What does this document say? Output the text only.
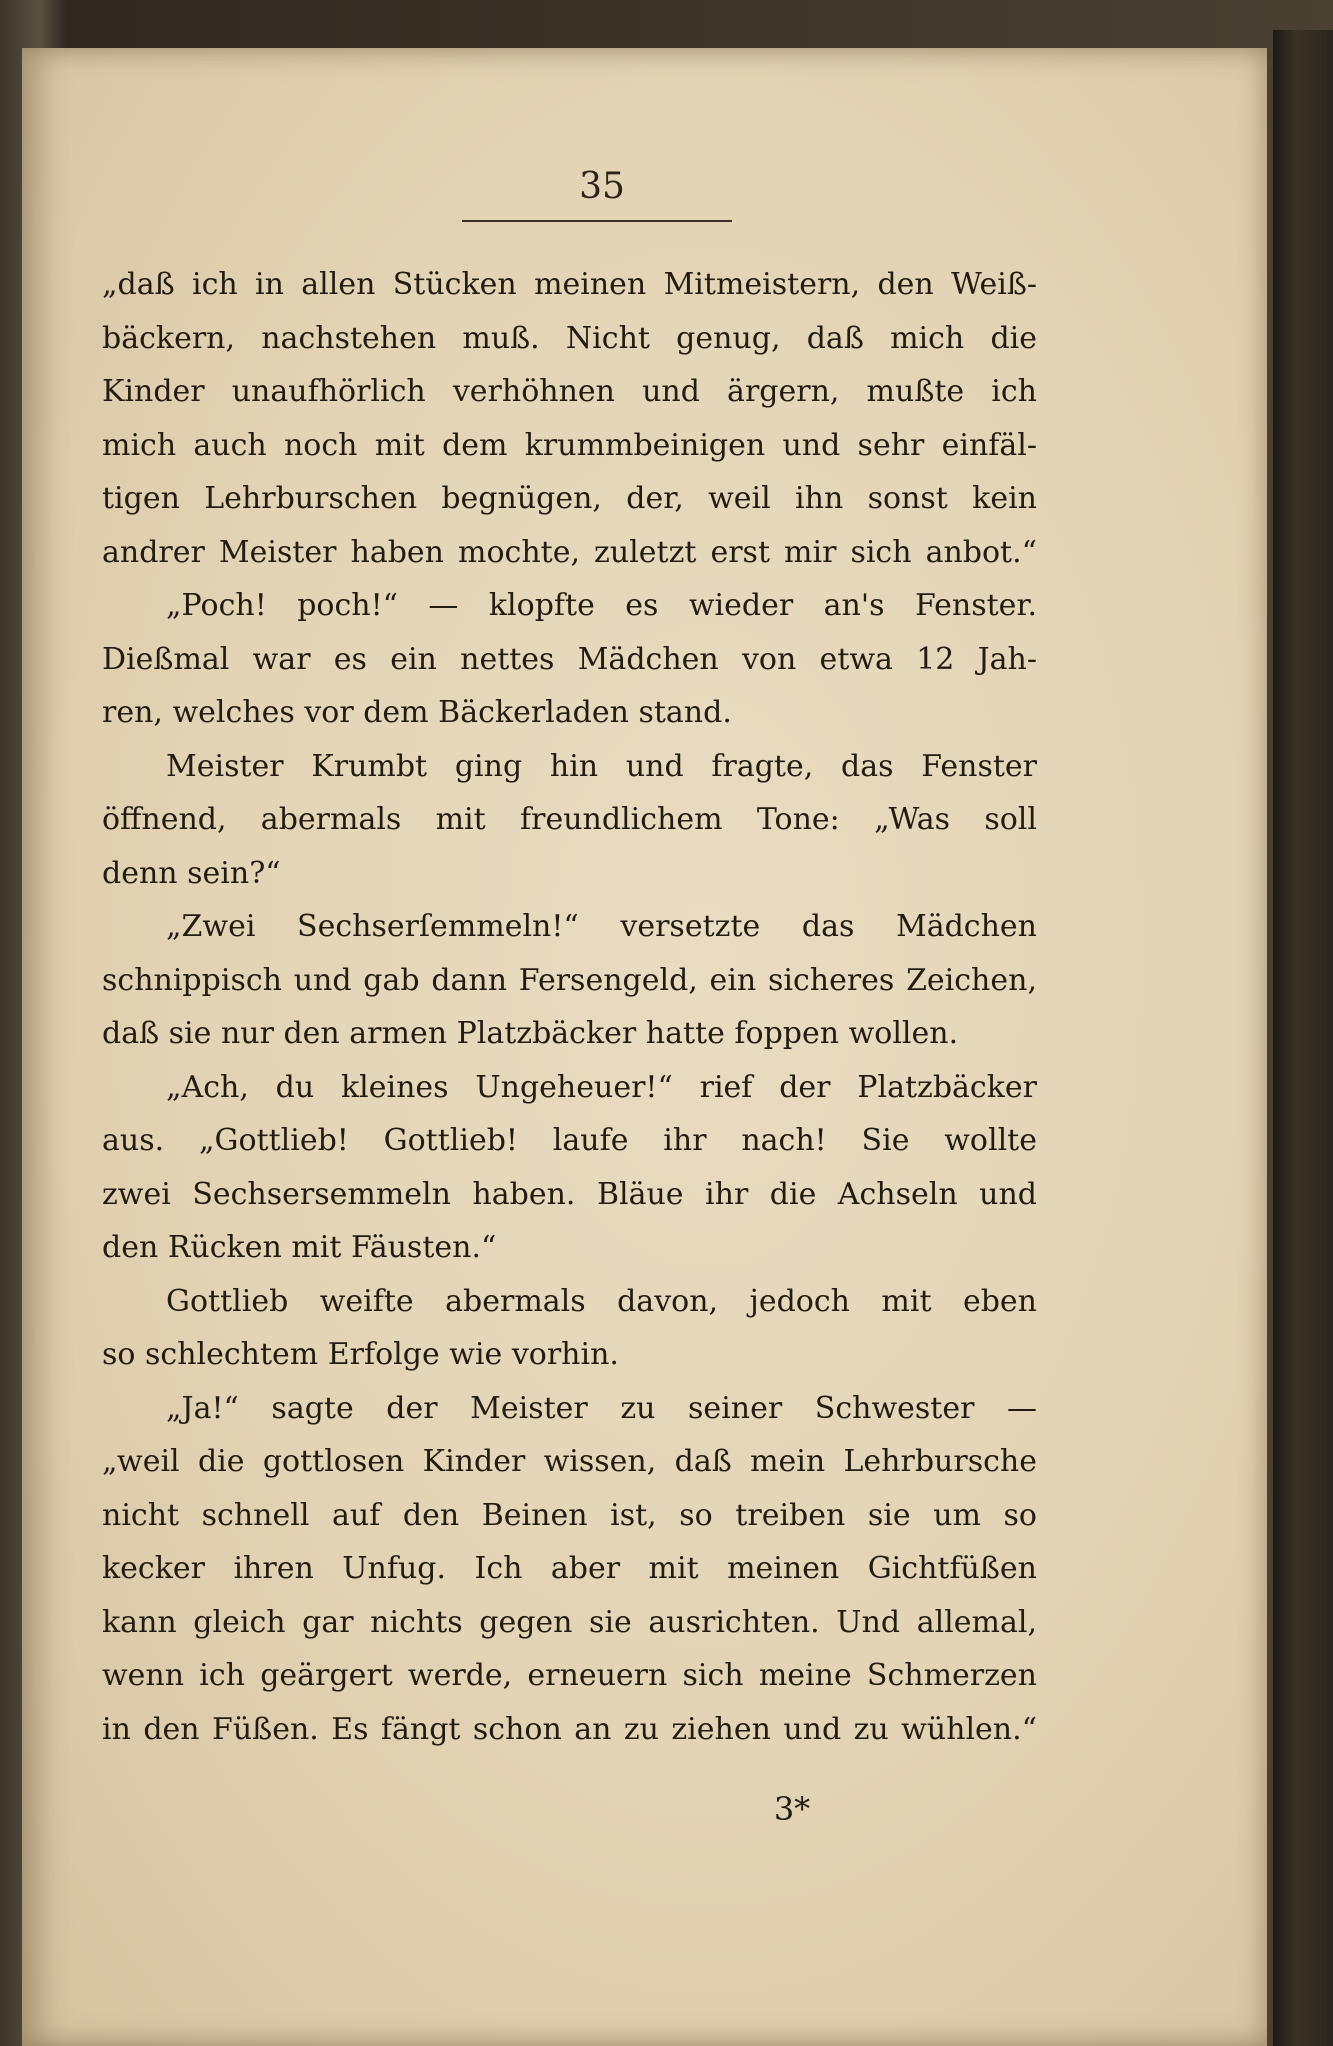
35
„daß ich in allen Stücken meinen Mitmeistern, den Weiß-
bäckern, nachstehen muß. Nicht genug, daß mich die
Kinder unaufhörlich verhöhnen und ärgern, mußte ich
mich auch noch mit dem krummbeinigen und sehr einfäl-
tigen Lehrburschen begnügen, der, weil ihn sonst kein
andrer Meister haben mochte, zuletzt erst mir sich anbot.“
„Poch! poch!“ — klopfte es wieder an's Fenster.
Dießmal war es ein nettes Mädchen von etwa 12 Jah-
ren, welches vor dem Bäckerladen stand.
Meister Krumbt ging hin und fragte, das Fenster
öffnend, abermals mit freundlichem Tone: „Was soll
denn sein?“
„Zwei Sechserſemmeln!“ versetzte das Mädchen
schnippisch und gab dann Fersengeld, ein sicheres Zeichen,
daß sie nur den armen Platzbäcker hatte foppen wollen.
„Ach, du kleines Ungeheuer!“ rief der Platzbäcker
aus. „Gottlieb! Gottlieb! laufe ihr nach! Sie wollte
zwei Sechsersemmeln haben. Bläue ihr die Achseln und
den Rücken mit Fäusten.“
Gottlieb weifte abermals davon, jedoch mit eben
so schlechtem Erfolge wie vorhin.
„Ja!“ sagte der Meister zu seiner Schwester —
„weil die gottlosen Kinder wissen, daß mein Lehrbursche
nicht schnell auf den Beinen ist, so treiben sie um so
kecker ihren Unfug. Ich aber mit meinen Gichtfüßen
kann gleich gar nichts gegen sie ausrichten. Und allemal,
wenn ich geärgert werde, erneuern sich meine Schmerzen
in den Füßen. Es fängt schon an zu ziehen und zu wühlen.“
3*
